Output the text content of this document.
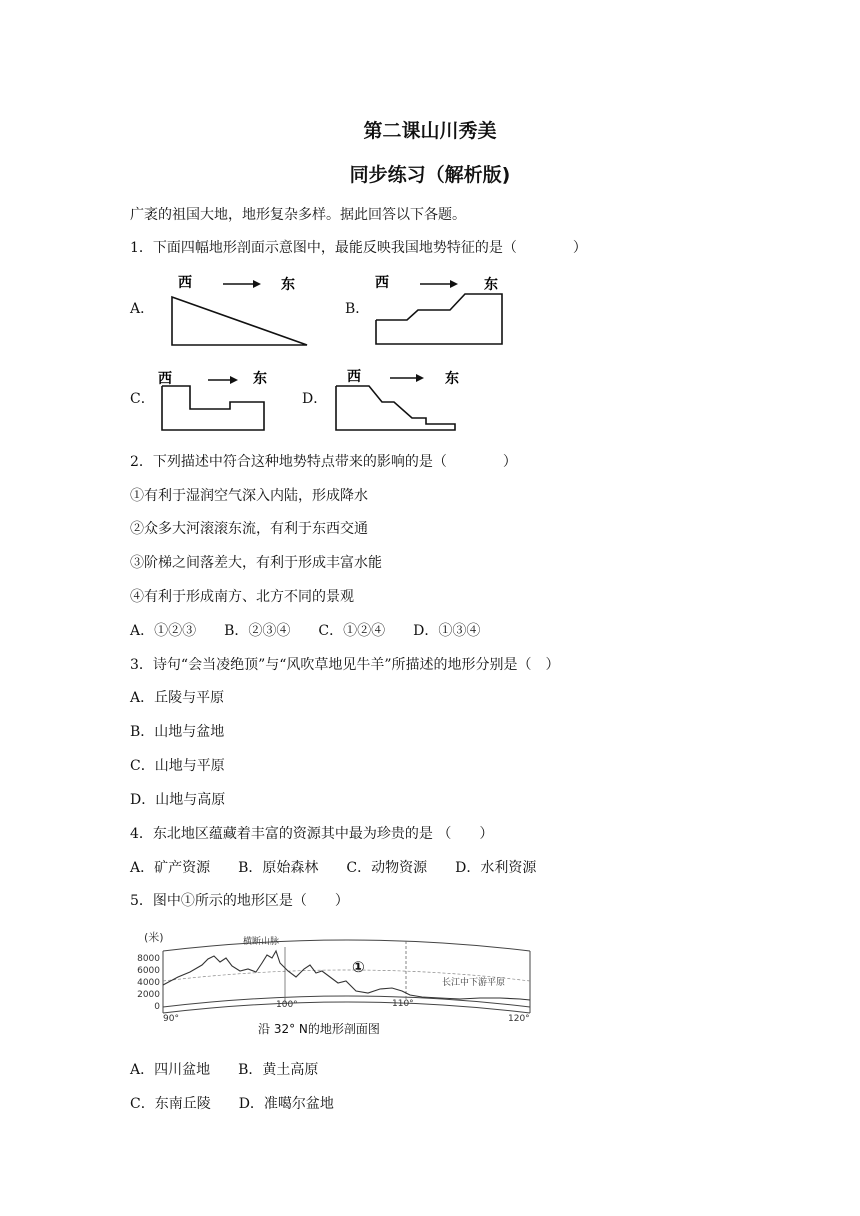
第二课山川秀美
同步练习（解析版)
广袤的祖国大地，地形复杂多样。据此回答以下各题。
1．下面四幅地形剖面示意图中，最能反映我国地势特征的是（　　　　）
A．
西	东
B．
西	东
C．
西	东
D．
西	东
2．下列描述中符合这种地势特点带来的影响的是（　　　　）
①有利于湿润空气深入内陆，形成降水
②众多大河滚滚东流，有利于东西交通
③阶梯之间落差大，有利于形成丰富水能
④有利于形成南方、北方不同的景观
A．①②③　　B．②③④　　C．①②④　　D．①③④
3．诗句“会当凌绝顶”与“风吹草地见牛羊”所描述的地形分别是（　）
A．丘陵与平原
B．山地与盆地
C．山地与平原
D．山地与高原
4．东北地区蕴藏着丰富的资源其中最为珍贵的是 （　　）
A．矿产资源　　B．原始森林　　C．动物资源　　D．水利资源
5．图中①所示的地形区是（　　）
(米)
8000
6000
4000
2000
0
横断山脉
①
长江中下游平原
90°
100°	110°
120°
沿 32° N的地形剖面图
A．四川盆地　　B．黄土高原
C．东南丘陵　　D．准噶尔盆地
